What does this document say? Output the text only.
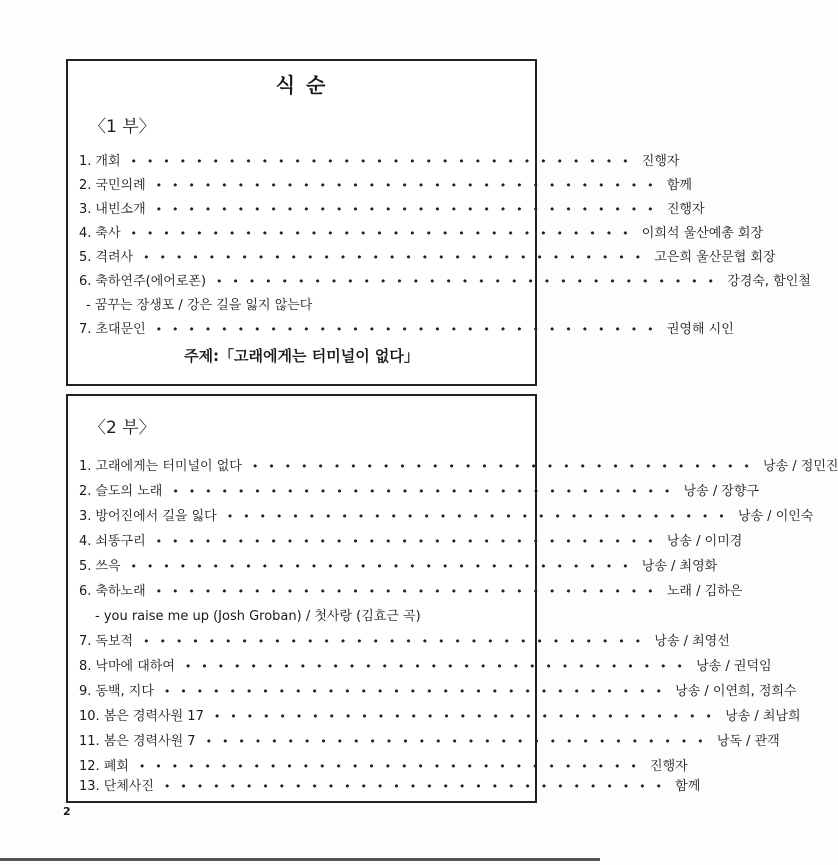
식 순
〈1 부〉
1. 개회 • • • • • • • • • • • • • • • • • • • • • • • • • • • • • • • 진행자
2. 국민의례 • • • • • • • • • • • • • • • • • • • • • • • • • • • • • • • 함께
3. 내빈소개 • • • • • • • • • • • • • • • • • • • • • • • • • • • • • • • 진행자
4. 축사 • • • • • • • • • • • • • • • • • • • • • • • • • • • • • • • 이희석 울산예총 회장
5. 격려사 • • • • • • • • • • • • • • • • • • • • • • • • • • • • • • • 고은희 울산문협 회장
6. 축하연주(에어로폰) • • • • • • • • • • • • • • • • • • • • • • • • • • • • • • • 강경숙, 함인철
- 꿈꾸는 장생포 / 강은 길을 잃지 않는다
7. 초대문인 • • • • • • • • • • • • • • • • • • • • • • • • • • • • • • • 권영해 시인
주제:「고래에게는 터미널이 없다」
〈2 부〉
1. 고래에게는 터미널이 없다 • • • • • • • • • • • • • • • • • • • • • • • • • • • • • • • 낭송 / 정민진
2. 슬도의 노래 • • • • • • • • • • • • • • • • • • • • • • • • • • • • • • • 낭송 / 장향구
3. 방어진에서 길을 잃다 • • • • • • • • • • • • • • • • • • • • • • • • • • • • • • • 낭송 / 이인숙
4. 쇠똥구리 • • • • • • • • • • • • • • • • • • • • • • • • • • • • • • • 낭송 / 이미경
5. 쓰윽 • • • • • • • • • • • • • • • • • • • • • • • • • • • • • • • 낭송 / 최영화
6. 축하노래 • • • • • • • • • • • • • • • • • • • • • • • • • • • • • • • 노래 / 김하은
- you raise me up (Josh Groban) / 첫사랑 (김효근 곡)
7. 독보적 • • • • • • • • • • • • • • • • • • • • • • • • • • • • • • • 낭송 / 최영선
8. 낙마에 대하여 • • • • • • • • • • • • • • • • • • • • • • • • • • • • • • • 낭송 / 권덕임
9. 동백, 지다 • • • • • • • • • • • • • • • • • • • • • • • • • • • • • • • 낭송 / 이연희, 정희수
10. 봄은 경력사원 17 • • • • • • • • • • • • • • • • • • • • • • • • • • • • • • • 낭송 / 최남희
11. 봄은 경력사원 7 • • • • • • • • • • • • • • • • • • • • • • • • • • • • • • • 낭독 / 관객
12. 폐회 • • • • • • • • • • • • • • • • • • • • • • • • • • • • • • • 진행자
13. 단체사진 • • • • • • • • • • • • • • • • • • • • • • • • • • • • • • • 함께
2
